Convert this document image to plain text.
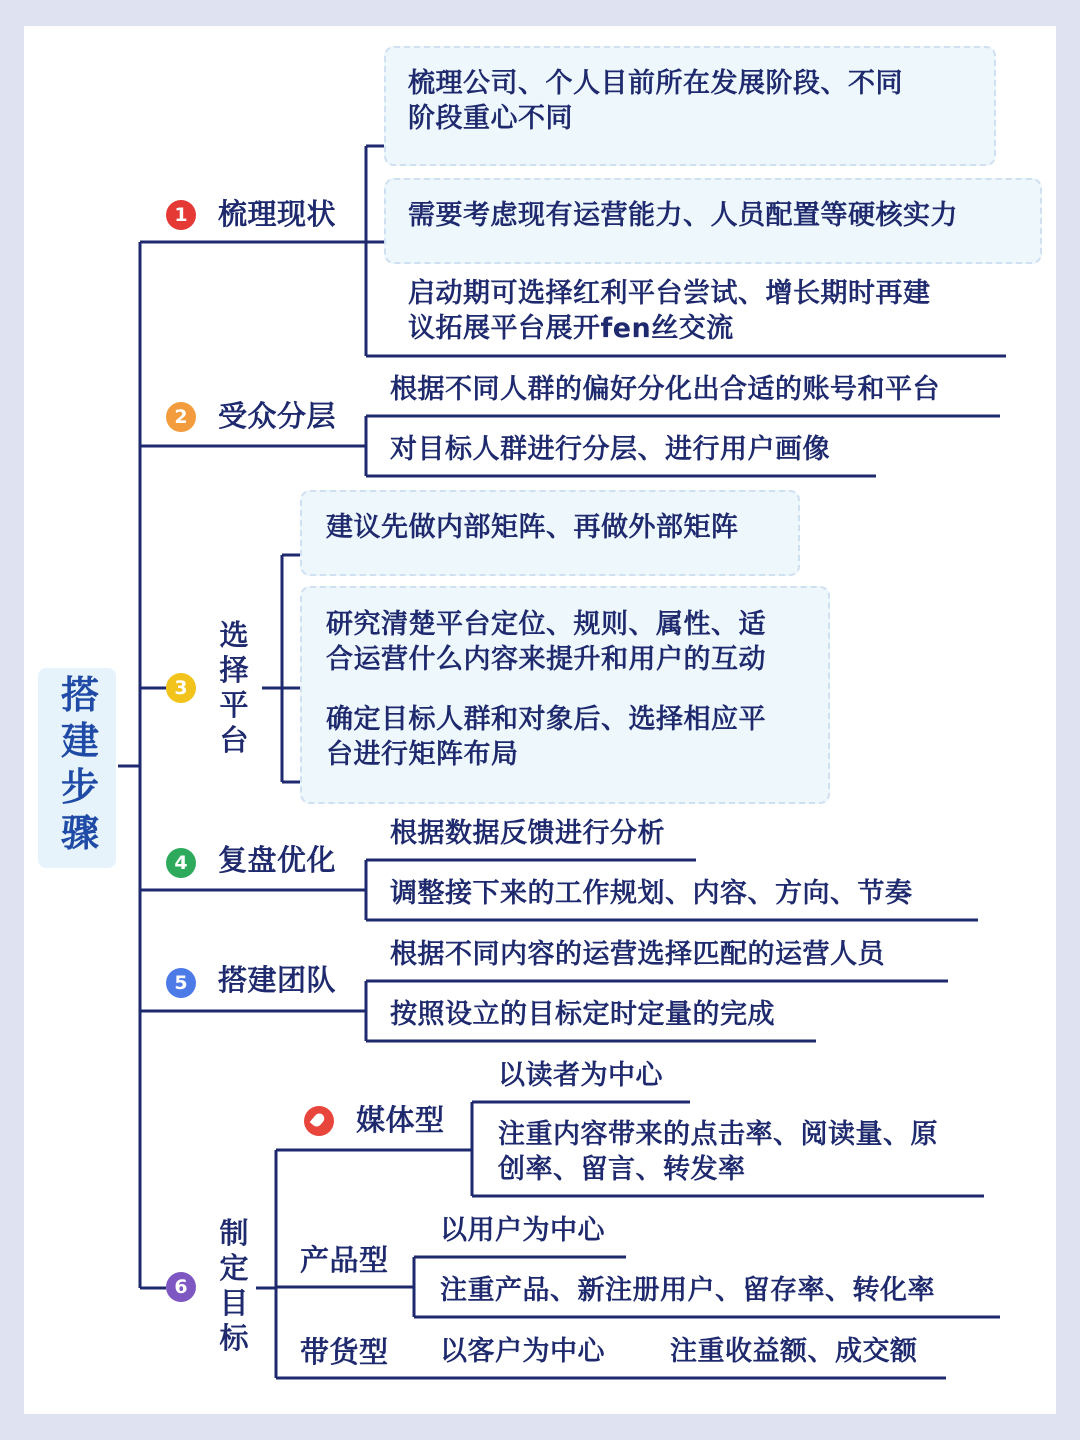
搭建步骤
1
2
3
4
5
6
梳理现状
受众分层
选择平台
复盘优化
搭建团队
制定目标
梳理公司、个人目前所在发展阶段、不同
阶段重心不同
需要考虑现有运营能力、人员配置等硬核实力
启动期可选择红利平台尝试、增长期时再建
议拓展平台展开fen丝交流
根据不同人群的偏好分化出合适的账号和平台
对目标人群进行分层、进行用户画像
建议先做内部矩阵、再做外部矩阵
研究清楚平台定位、规则、属性、适
合运营什么内容来提升和用户的互动
确定目标人群和对象后、选择相应平
台进行矩阵布局
根据数据反馈进行分析
调整接下来的工作规划、内容、方向、节奏
根据不同内容的运营选择匹配的运营人员
按照设立的目标定时定量的完成
媒体型
以读者为中心
注重内容带来的点击率、阅读量、原
创率、留言、转发率
产品型
以用户为中心
注重产品、新注册用户、留存率、转化率
带货型 以客户为中心 注重收益额、成交额
